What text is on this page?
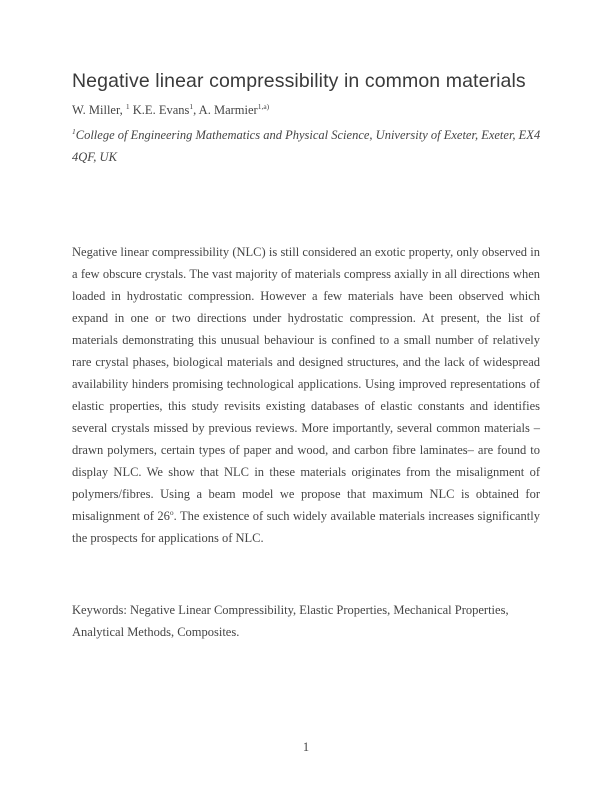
Negative linear compressibility in common materials
W. Miller, $^1$ K.E. Evans$^1$, A. Marmier$^{1,a)}$
$^1$College of Engineering Mathematics and Physical Science, University of Exeter, Exeter, EX4
4QF, UK
Negative linear compressibility (NLC) is still considered an exotic property, only observed in a few obscure crystals. The vast majority of materials compress axially in all directions when loaded in hydrostatic compression. However a few materials have been observed which expand in one or two directions under hydrostatic compression. At present, the list of materials demonstrating this unusual behaviour is confined to a small number of relatively rare crystal phases, biological materials and designed structures, and the lack of widespread availability hinders promising technological applications. Using improved representations of elastic properties, this study revisits existing databases of elastic constants and identifies several crystals missed by previous reviews. More importantly, several common materials –drawn polymers, certain types of paper and wood, and carbon fibre laminates– are found to display NLC. We show that NLC in these materials originates from the misalignment of polymers/fibres. Using a beam model we propose that maximum NLC is obtained for misalignment of 26$^o$. The existence of such widely available materials increases significantly the prospects for applications of NLC.
Keywords: Negative Linear Compressibility, Elastic Properties, Mechanical Properties, Analytical Methods, Composites.
1
